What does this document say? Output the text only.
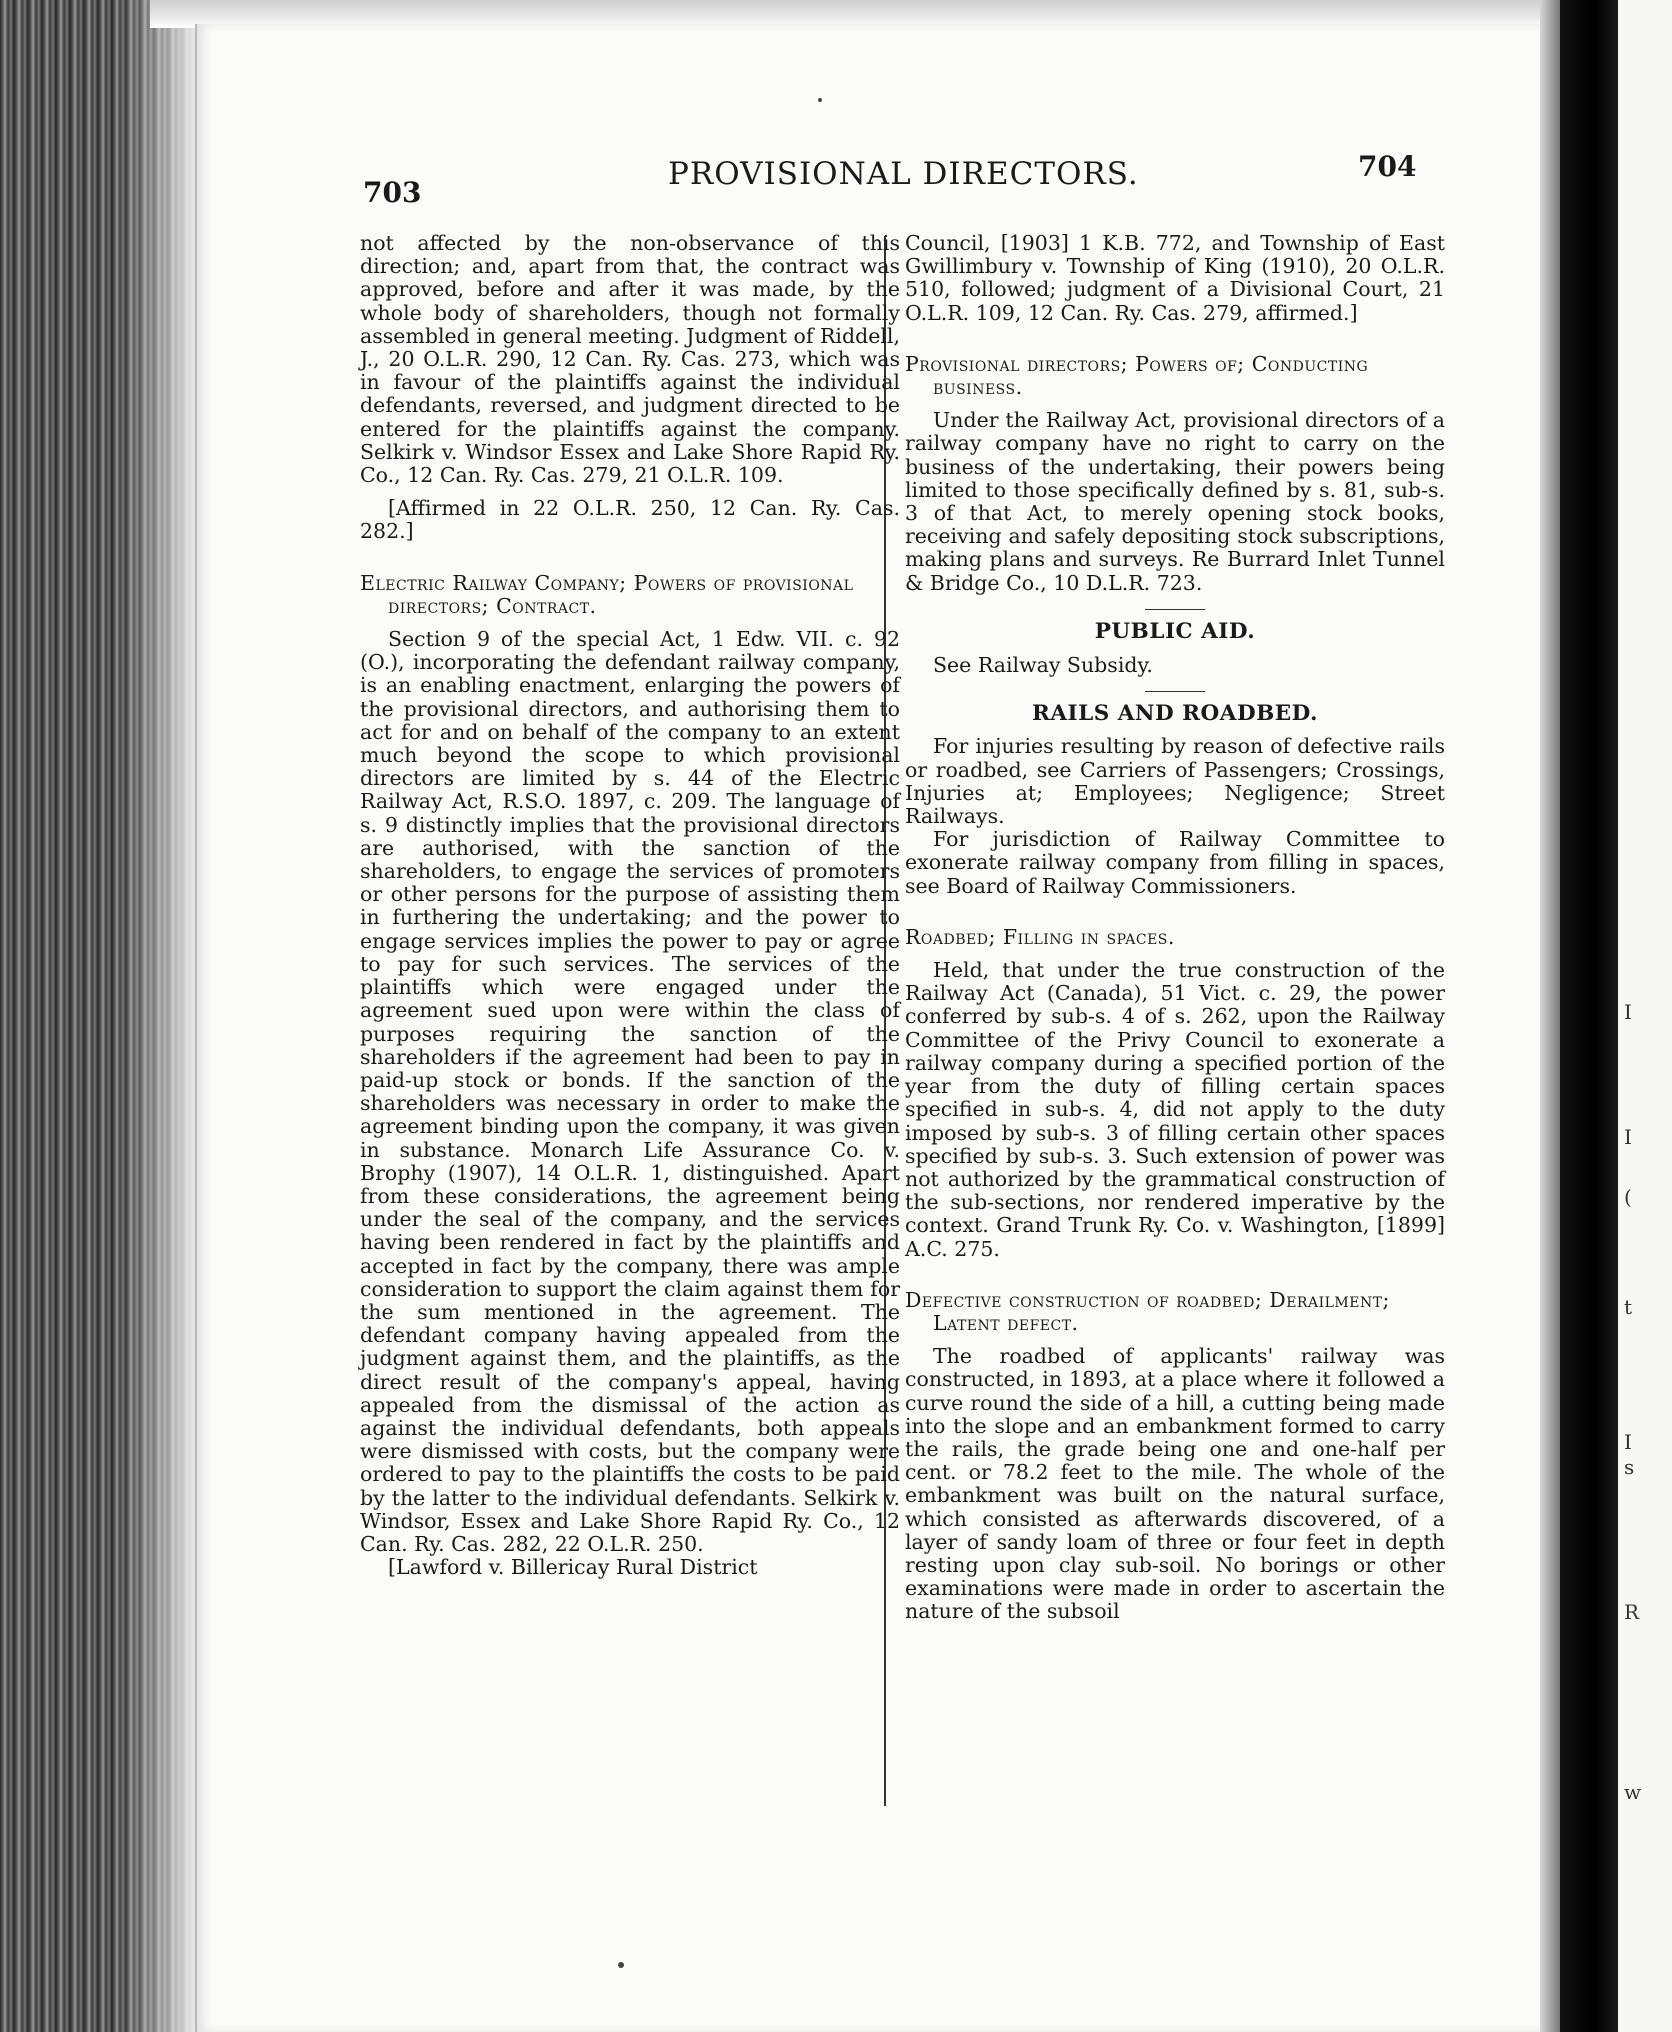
I
I
(
t
I
s
R
w
703
PROVISIONAL DIRECTORS.	704

not affected by the non-observance of this direction; and, apart from that, the contract was approved, before and after it was made, by the whole body of shareholders, though not formally assembled in general meeting. Judgment of Riddell, J., 20 O.L.R. 290, 12 Can. Ry. Cas. 273, which was in favour of the plaintiffs against the individual defendants, reversed, and judgment directed to be entered for the plaintiffs against the company. Selkirk v. Windsor Essex and Lake Shore Rapid Ry. Co., 12 Can. Ry. Cas. 279, 21 O.L.R. 109.

[Affirmed in 22 O.L.R. 250, 12 Can. Ry. Cas. 282.]

Electric Railway Company; Powers of provisional directors; Contract.

Section 9 of the special Act, 1 Edw. VII. c. 92 (O.), incorporating the defendant railway company, is an enabling enactment, enlarging the powers of the provisional directors, and authorising them to act for and on behalf of the company to an extent much beyond the scope to which provisional directors are limited by s. 44 of the Electric Railway Act, R.S.O. 1897, c. 209. The language of s. 9 distinctly implies that the provisional directors are authorised, with the sanction of the shareholders, to engage the services of promoters or other persons for the purpose of assisting them in furthering the undertaking; and the power to engage services implies the power to pay or agree to pay for such services. The services of the plaintiffs which were engaged under the agreement sued upon were within the class of purposes requiring the sanction of the shareholders if the agreement had been to pay in paid-up stock or bonds. If the sanction of the shareholders was necessary in order to make the agreement binding upon the company, it was given in substance. Monarch Life Assurance Co. v. Brophy (1907), 14 O.L.R. 1, distinguished. Apart from these considerations, the agreement being under the seal of the company, and the services having been rendered in fact by the plaintiffs and accepted in fact by the company, there was ample consideration to support the claim against them for the sum mentioned in the agreement. The defendant company having appealed from the judgment against them, and the plaintiffs, as the direct result of the company's appeal, having appealed from the dismissal of the action as against the individual defendants, both appeals were dismissed with costs, but the company were ordered to pay to the plaintiffs the costs to be paid by the latter to the individual defendants. Selkirk v. Windsor, Essex and Lake Shore Rapid Ry. Co., 12 Can. Ry. Cas. 282, 22 O.L.R. 250.

[Lawford v. Billericay Rural District

Council, [1903] 1 K.B. 772, and Township of East Gwillimbury v. Township of King (1910), 20 O.L.R. 510, followed; judgment of a Divisional Court, 21 O.L.R. 109, 12 Can. Ry. Cas. 279, affirmed.]

Provisional directors; Powers of; Conducting business.

Under the Railway Act, provisional directors of a railway company have no right to carry on the business of the undertaking, their powers being limited to those specifically defined by s. 81, sub-s. 3 of that Act, to merely opening stock books, receiving and safely depositing stock subscriptions, making plans and surveys. Re Burrard Inlet Tunnel & Bridge Co., 10 D.L.R. 723.

PUBLIC AID.

See Railway Subsidy.

RAILS AND ROADBED.

For injuries resulting by reason of defective rails or roadbed, see Carriers of Passengers; Crossings, Injuries at; Employees; Negligence; Street Railways.

For jurisdiction of Railway Committee to exonerate railway company from filling in spaces, see Board of Railway Commissioners.

Roadbed; Filling in spaces.

Held, that under the true construction of the Railway Act (Canada), 51 Vict. c. 29, the power conferred by sub-s. 4 of s. 262, upon the Railway Committee of the Privy Council to exonerate a railway company during a specified portion of the year from the duty of filling certain spaces specified in sub-s. 4, did not apply to the duty imposed by sub-s. 3 of filling certain other spaces specified by sub-s. 3. Such extension of power was not authorized by the grammatical construction of the sub-sections, nor rendered imperative by the context. Grand Trunk Ry. Co. v. Washington, [1899] A.C. 275.

Defective construction of roadbed; Derailment; Latent defect.

The roadbed of applicants' railway was constructed, in 1893, at a place where it followed a curve round the side of a hill, a cutting being made into the slope and an embankment formed to carry the rails, the grade being one and one-half per cent. or 78.2 feet to the mile. The whole of the embankment was built on the natural surface, which consisted as afterwards discovered, of a layer of sandy loam of three or four feet in depth resting upon clay sub-soil. No borings or other examinations were made in order to ascertain the nature of the subsoil
